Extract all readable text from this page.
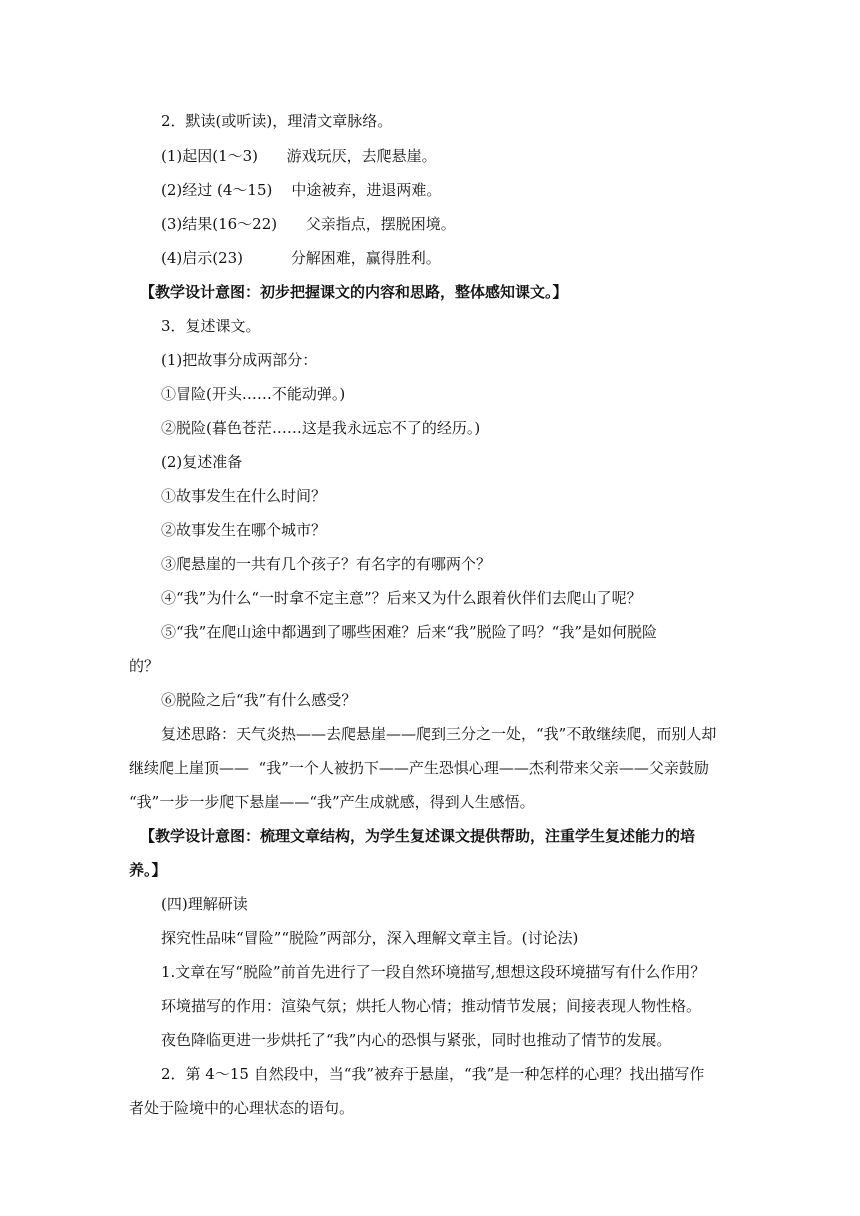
2．默读(或听读)，理清文章脉络。
(1)起因(1～3)      游戏玩厌，去爬悬崖。
(2)经过 (4～15)    中途被弃，进退两难。
(3)结果(16～22)      父亲指点，摆脱困境。
(4)启示(23)          分解困难，赢得胜利。
【教学设计意图：初步把握课文的内容和思路，整体感知课文。】
3．复述课文。
(1)把故事分成两部分：
①冒险(开头……不能动弹。)
②脱险(暮色苍茫……这是我永远忘不了的经历。)
(2)复述准备
①故事发生在什么时间？
②故事发生在哪个城市？
③爬悬崖的一共有几个孩子？有名字的有哪两个？
④“我”为什么“一时拿不定主意”？后来又为什么跟着伙伴们去爬山了呢？
⑤“我”在爬山途中都遇到了哪些困难？后来“我”脱险了吗？“我”是如何脱险
的？
⑥脱险之后“我”有什么感受？
复述思路：天气炎热——去爬悬崖——爬到三分之一处，“我”不敢继续爬，而别人却
继续爬上崖顶——  “我”一个人被扔下——产生恐惧心理——杰利带来父亲——父亲鼓励
“我”一步一步爬下悬崖——“我”产生成就感，得到人生感悟。
【教学设计意图：梳理文章结构，为学生复述课文提供帮助，注重学生复述能力的培
养。】
(四)理解研读
探究性品味“冒险”“脱险”两部分，深入理解文章主旨。(讨论法)
1.文章在写“脱险”前首先进行了一段自然环境描写,想想这段环境描写有什么作用？
环境描写的作用：渲染气氛；烘托人物心情；推动情节发展；间接表现人物性格。
夜色降临更进一步烘托了“我”内心的恐惧与紧张，同时也推动了情节的发展。
2．第 4～15 自然段中，当“我”被弃于悬崖，“我”是一种怎样的心理？找出描写作
者处于险境中的心理状态的语句。
